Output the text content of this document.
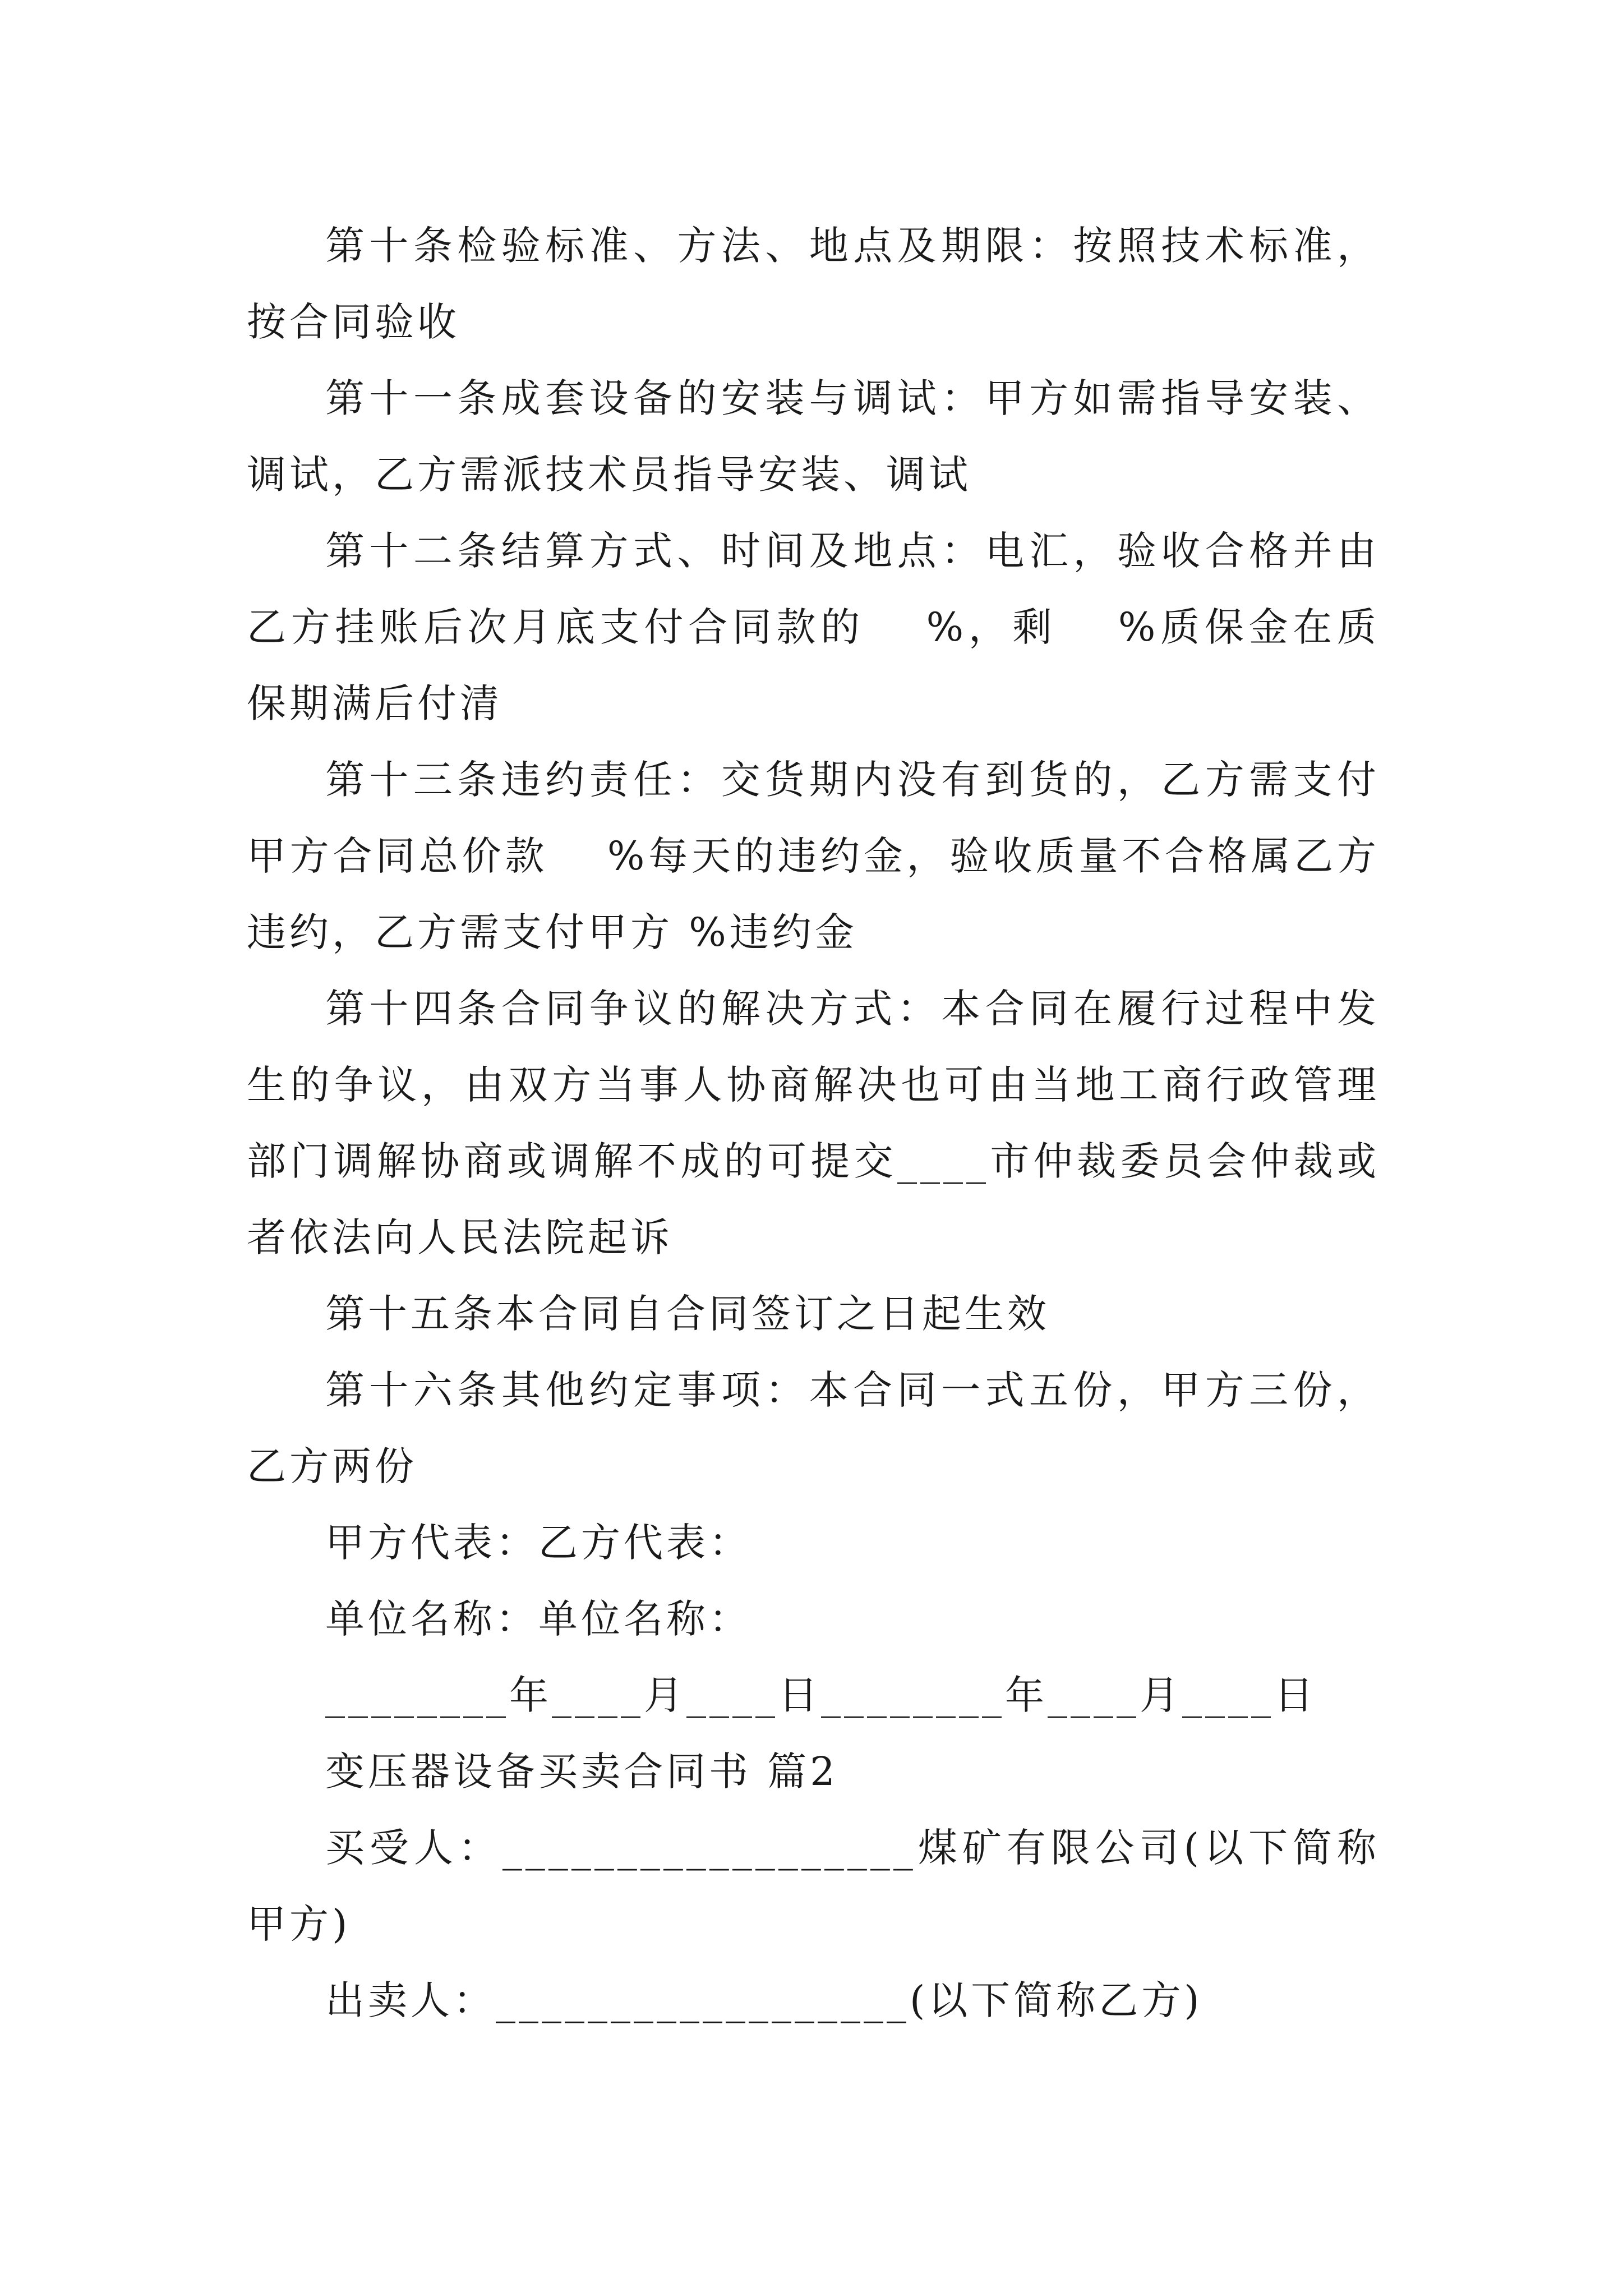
第十条检验标准、方法、地点及期限：按照技术标准，按合同验收

第十一条成套设备的安装与调试：甲方如需指导安装、调试，乙方需派技术员指导安装、调试

第十二条结算方式、时间及地点：电汇，验收合格并由乙方挂账后次月底支付合同款的　 %，剩　 %质保金在质保期满后付清

第十三条违约责任：交货期内没有到货的，乙方需支付甲方合同总价款　 %每天的违约金，验收质量不合格属乙方违约，乙方需支付甲方 %违约金

第十四条合同争议的解决方式：本合同在履行过程中发生的争议，由双方当事人协商解决也可由当地工商行政管理部门调解协商或调解不成的可提交____市仲裁委员会仲裁或者依法向人民法院起诉

第十五条本合同自合同签订之日起生效

第十六条其他约定事项：本合同一式五份，甲方三份，乙方两份

甲方代表：乙方代表：

单位名称：单位名称：

________年____月____日________年____月____日

变压器设备买卖合同书 篇2

买受人：__________________煤矿有限公司(以下简称甲方)

出卖人：__________________(以下简称乙方)
